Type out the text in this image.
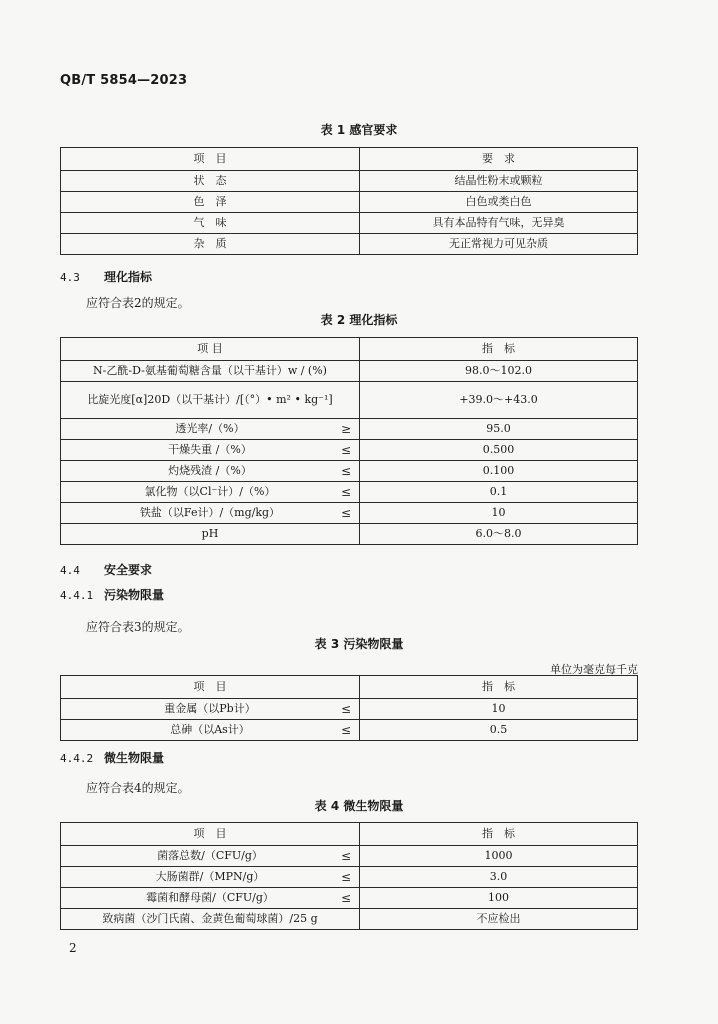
QB/T 5854—2023
表 1 感官要求
项　目	要　求
状　态	结晶性粉末或颗粒
色　泽	白色或类白色
气　味	具有本品特有气味，无异臭
杂　质	无正常视力可见杂质
4.3 理化指标
应符合表2的规定。
表 2 理化指标
项 目	指　标
N-乙酰-D-氨基葡萄糖含量（以干基计）w / (%)	98.0～102.0
比旋光度[α]20D（以干基计）/[（°）• m² • kg⁻¹]	+39.0～+43.0
透光率/（%） ≥	95.0
干燥失重 /（%） ≤	0.500
灼烧残渣 /（%） ≤	0.100
氯化物（以Cl⁻计）/（%） ≤	0.1
铁盐（以Fe计）/（mg/kg） ≤	10
pH	6.0～8.0
4.4 安全要求
4.4.1 污染物限量
应符合表3的规定。
表 3 污染物限量
单位为毫克每千克
项　目	指　标
重金属（以Pb计） ≤	10
总砷（以As计） ≤	0.5
4.4.2 微生物限量
应符合表4的规定。
表 4 微生物限量
项　目	指　标
菌落总数/（CFU/g） ≤	1000
大肠菌群/（MPN/g） ≤	3.0
霉菌和酵母菌/（CFU/g） ≤	100
致病菌（沙门氏菌、金黄色葡萄球菌）/25 g	不应检出
2
